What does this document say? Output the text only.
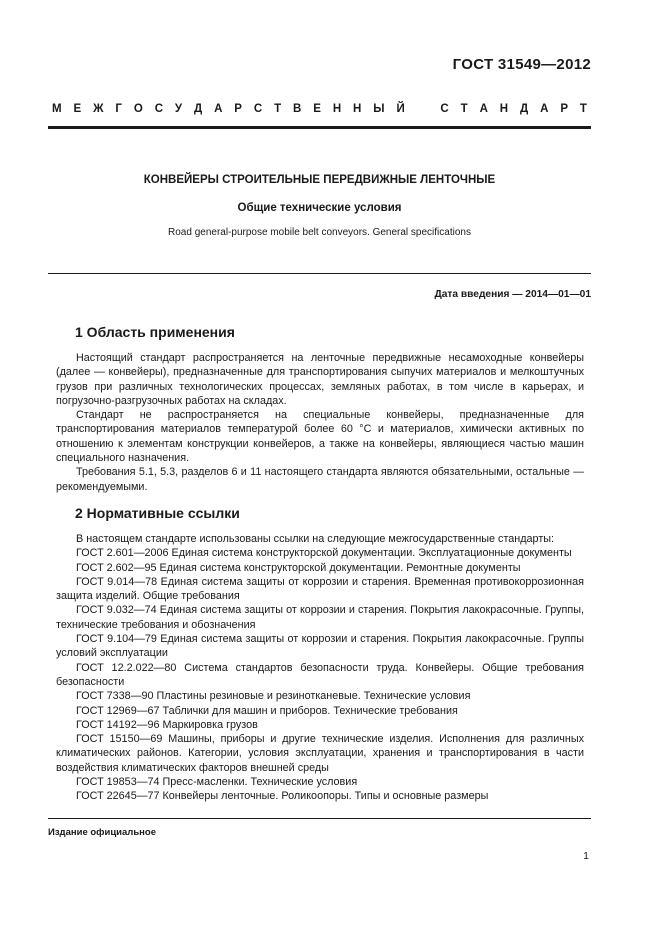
ГОСТ 31549—2012
М Е Ж Г О С У Д А Р С Т В Е Н Н Ы Й	С Т А Н Д А Р Т
КОНВЕЙЕРЫ СТРОИТЕЛЬНЫЕ ПЕРЕДВИЖНЫЕ ЛЕНТОЧНЫЕ
Общие технические условия
Road general-purpose mobile belt conveyors. General specifications
Дата введения — 2014—01—01
1 Область применения

Настоящий стандарт распространяется на ленточные передвижные несамоходные конвейеры (далее — конвейеры), предназначенные для транспортирования сыпучих материалов и мелкоштучных грузов при различных технологических процессах, земляных работах, в том числе в карьерах, и погрузочно-разгрузочных работах на складах.

Стандарт не распространяется на специальные конвейеры, предназначенные для транспортирования материалов температурой более 60 °С и материалов, химически активных по отношению к элементам конструкции конвейеров, а также на конвейеры, являющиеся частью машин специального назначения.

Требования 5.1, 5.3, разделов 6 и 11 настоящего стандарта являются обязательными, остальные — рекомендуемыми.

2 Нормативные ссылки

В настоящем стандарте использованы ссылки на следующие межгосударственные стандарты:

ГОСТ 2.601—2006 Единая система конструкторской документации. Эксплуатационные документы

ГОСТ 2.602—95 Единая система конструкторской документации. Ремонтные документы

ГОСТ 9.014—78 Единая система защиты от коррозии и старения. Временная противокоррозионная защита изделий. Общие требования

ГОСТ 9.032—74 Единая система защиты от коррозии и старения. Покрытия лакокрасочные. Группы, технические требования и обозначения

ГОСТ 9.104—79 Единая система защиты от коррозии и старения. Покрытия лакокрасочные. Группы условий эксплуатации

ГОСТ 12.2.022—80 Система стандартов безопасности труда. Конвейеры. Общие требования безопасности

ГОСТ 7338—90 Пластины резиновые и резинотканевые. Технические условия

ГОСТ 12969—67 Таблички для машин и приборов. Технические требования

ГОСТ 14192—96 Маркировка грузов

ГОСТ 15150—69 Машины, приборы и другие технические изделия. Исполнения для различных климатических районов. Категории, условия эксплуатации, хранения и транспортирования в части воздействия климатических факторов внешней среды

ГОСТ 19853—74 Пресс-масленки. Технические условия

ГОСТ 22645—77 Конвейеры ленточные. Роликоопоры. Типы и основные размеры

Издание официальное
1
